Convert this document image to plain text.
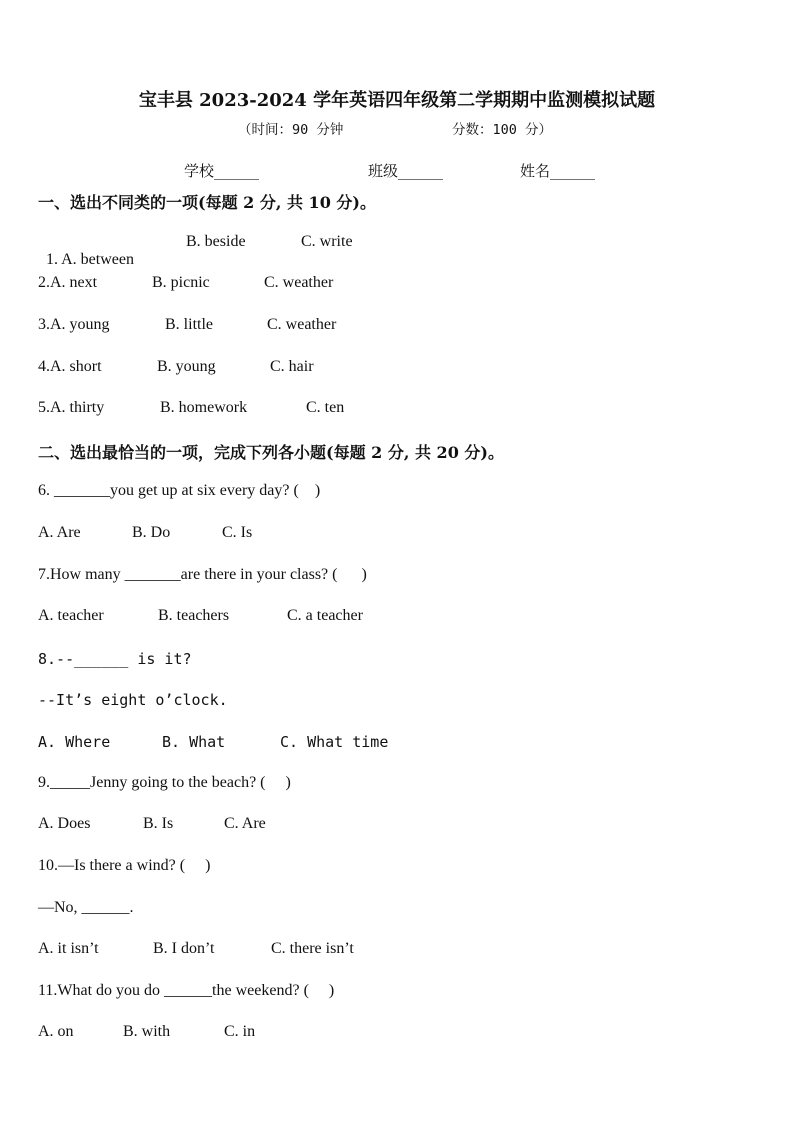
宝丰县 2023-2024 学年英语四年级第二学期期中监测模拟试题
（时间：90 分钟	分数：100 分）
学校______	班级______	姓名______
一、选出不同类的一项(每题 2 分, 共 10 分)。

1. A. between

B. beside	C. write
2.A. next	B. picnic	C. weather
3.A. young	B. little	C. weather
4.A. short	B. young	C. hair
5.A. thirty	B. homework	C. ten
二、选出最恰当的一项，完成下列各小题(每题 2 分, 共 20 分)。
6. _______you get up at six every day? (    )
A. Are	B. Do	C. Is
7.How many _______are there in your class? (      )
A. teacher	B. teachers	C. a teacher
8.--______ is it?
--It’s eight o’clock.
A. Where	B. What	C. What time
9._____Jenny going to the beach? (     )
A. Does	B. Is	C. Are
10.—Is there a wind? (     )
—No, ______.
A. it isn’t	B. I don’t	C. there isn’t
11.What do you do ______the weekend? (     )
A. on	B. with	C. in
